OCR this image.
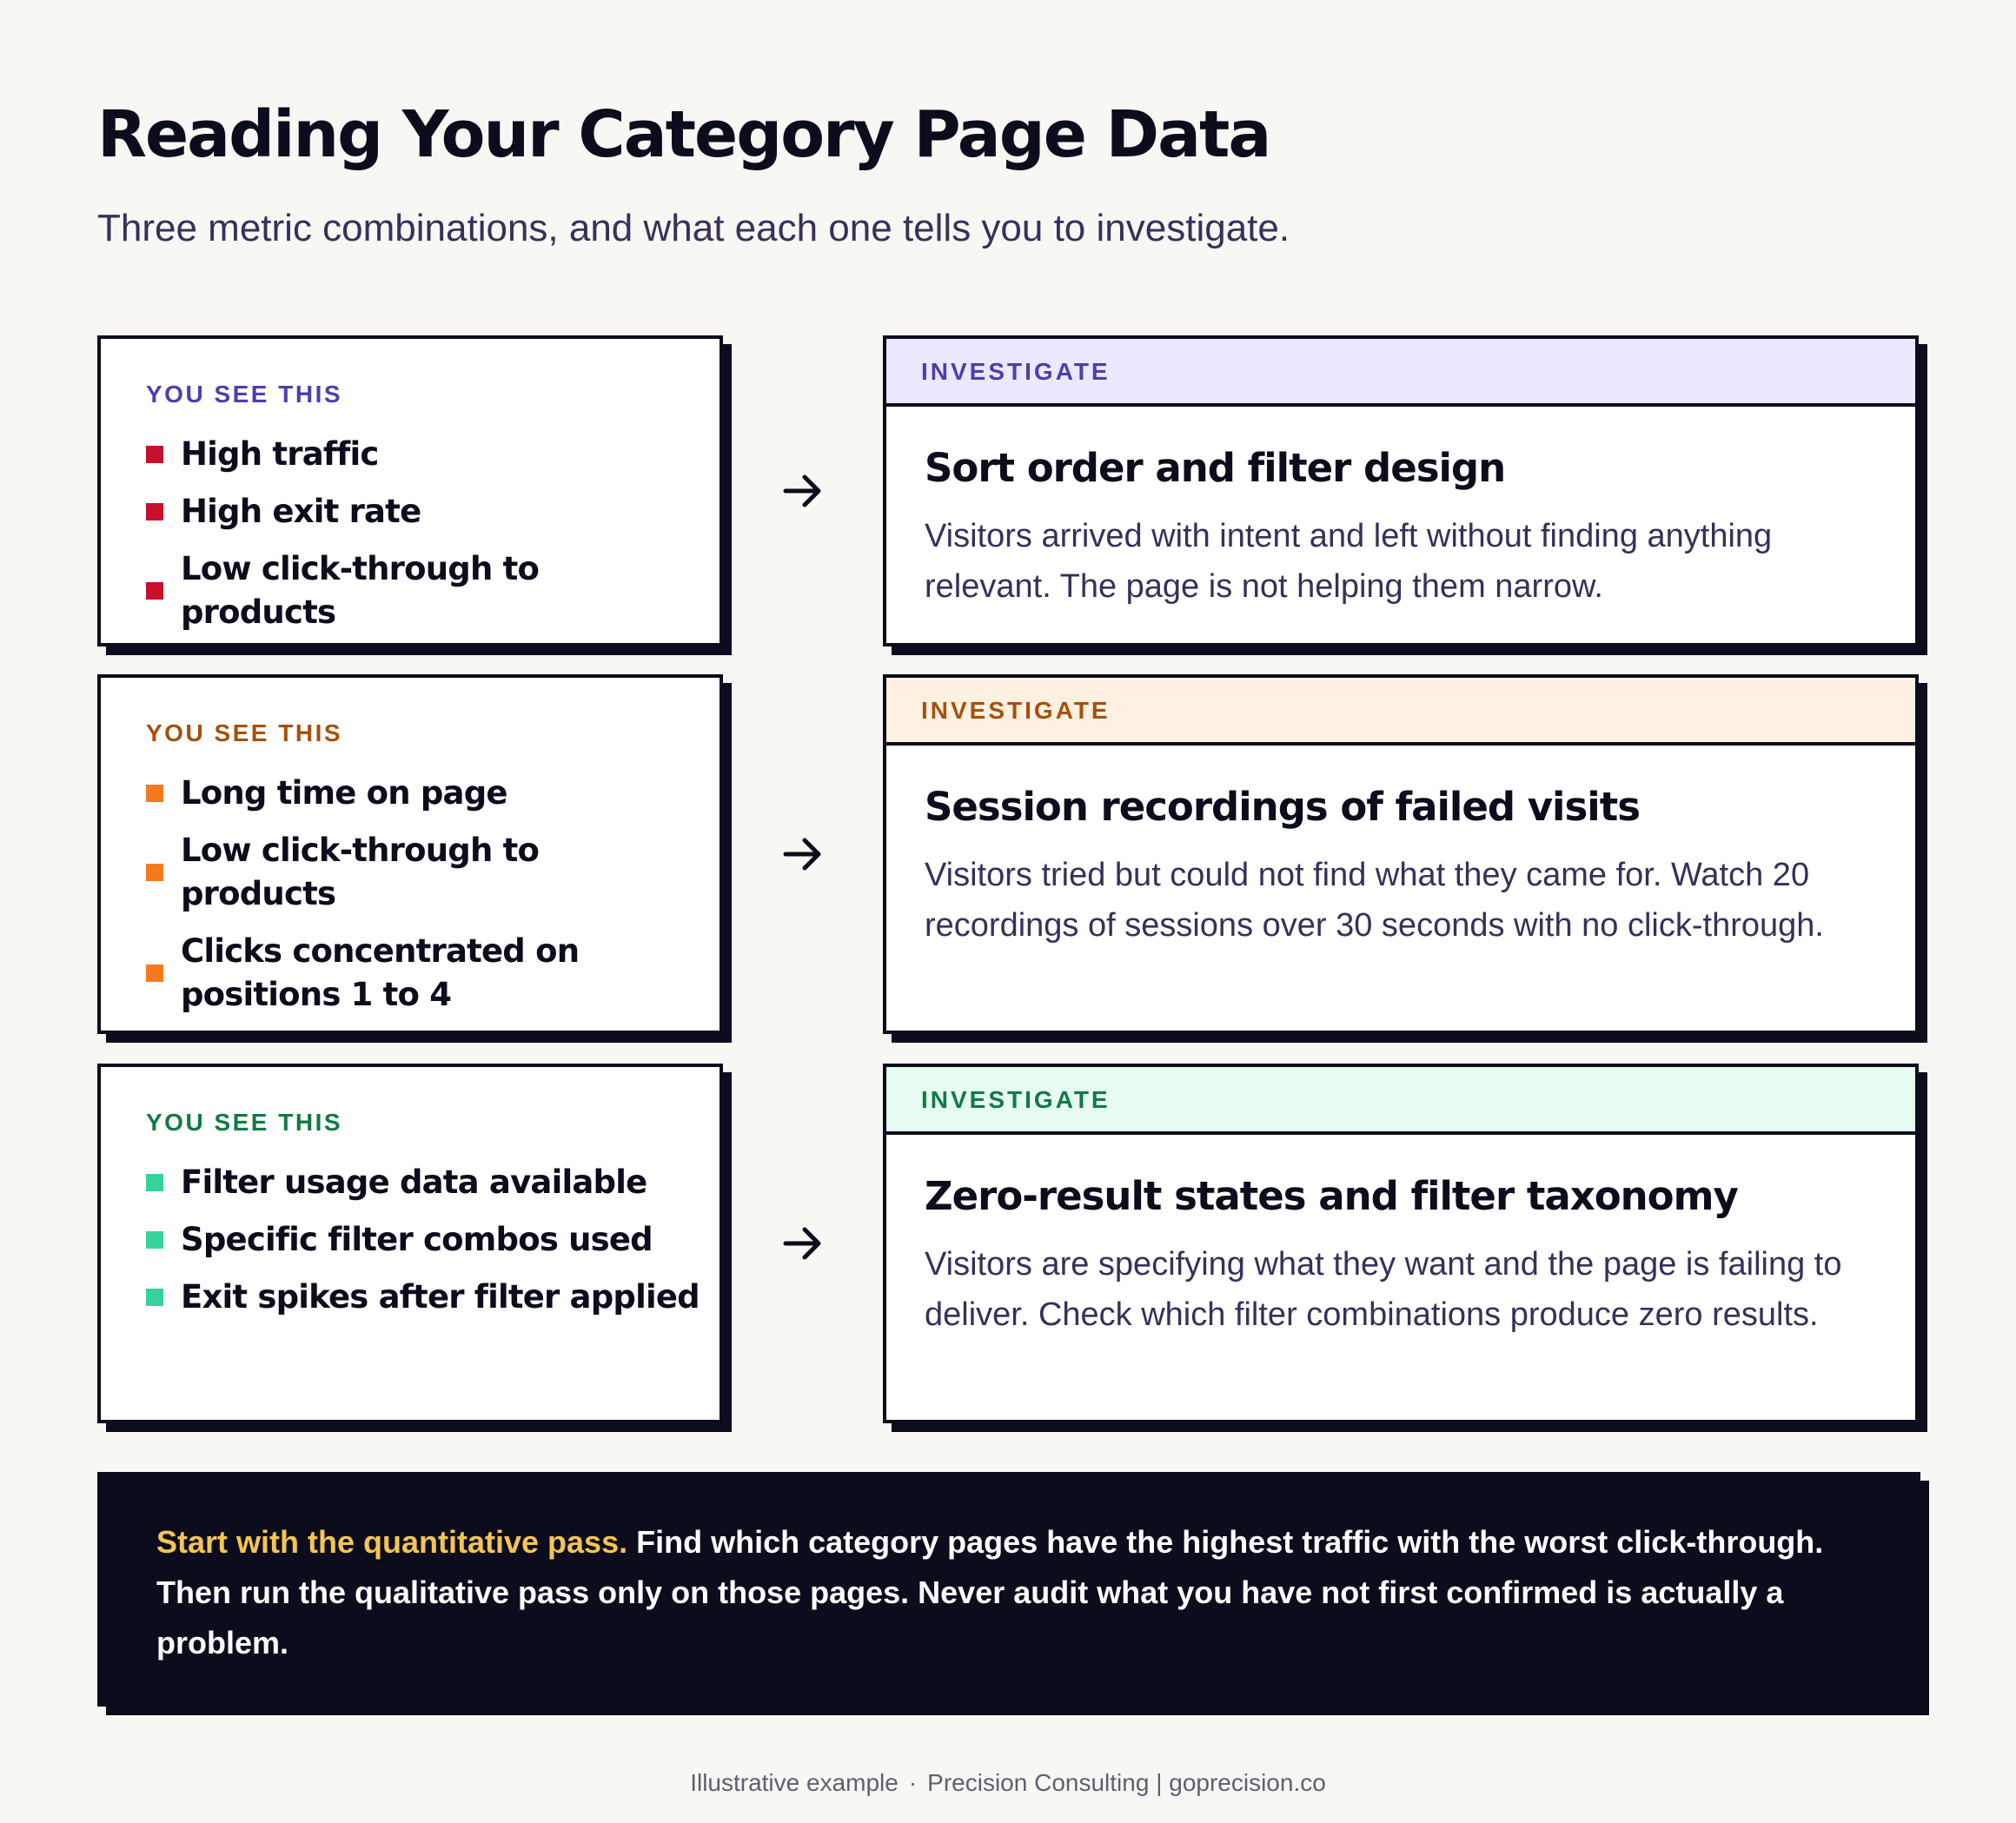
Reading Your Category Page Data

Three metric combinations, and what each one tells you to investigate.

YOU SEE THIS
High traffic
High exit rate
Low click-through to products
INVESTIGATE
Sort order and filter design
Visitors arrived with intent and left without finding anything relevant. The page is not helping them narrow.
YOU SEE THIS
Long time on page
Low click-through to products
Clicks concentrated on positions 1 to 4
INVESTIGATE
Session recordings of failed visits
Visitors tried but could not find what they came for. Watch 20 recordings of sessions over 30 seconds with no click-through.
YOU SEE THIS
Filter usage data available
Specific filter combos used
Exit spikes after filter applied
INVESTIGATE
Zero-result states and filter taxonomy
Visitors are specifying what they want and the page is failing to deliver. Check which filter combinations produce zero results.

Start with the quantitative pass. Find which category pages have the highest traffic with the worst click-through. Then run the qualitative pass only on those pages. Never audit what you have not first confirmed is actually a problem.

Illustrative example · Precision Consulting | goprecision.co
